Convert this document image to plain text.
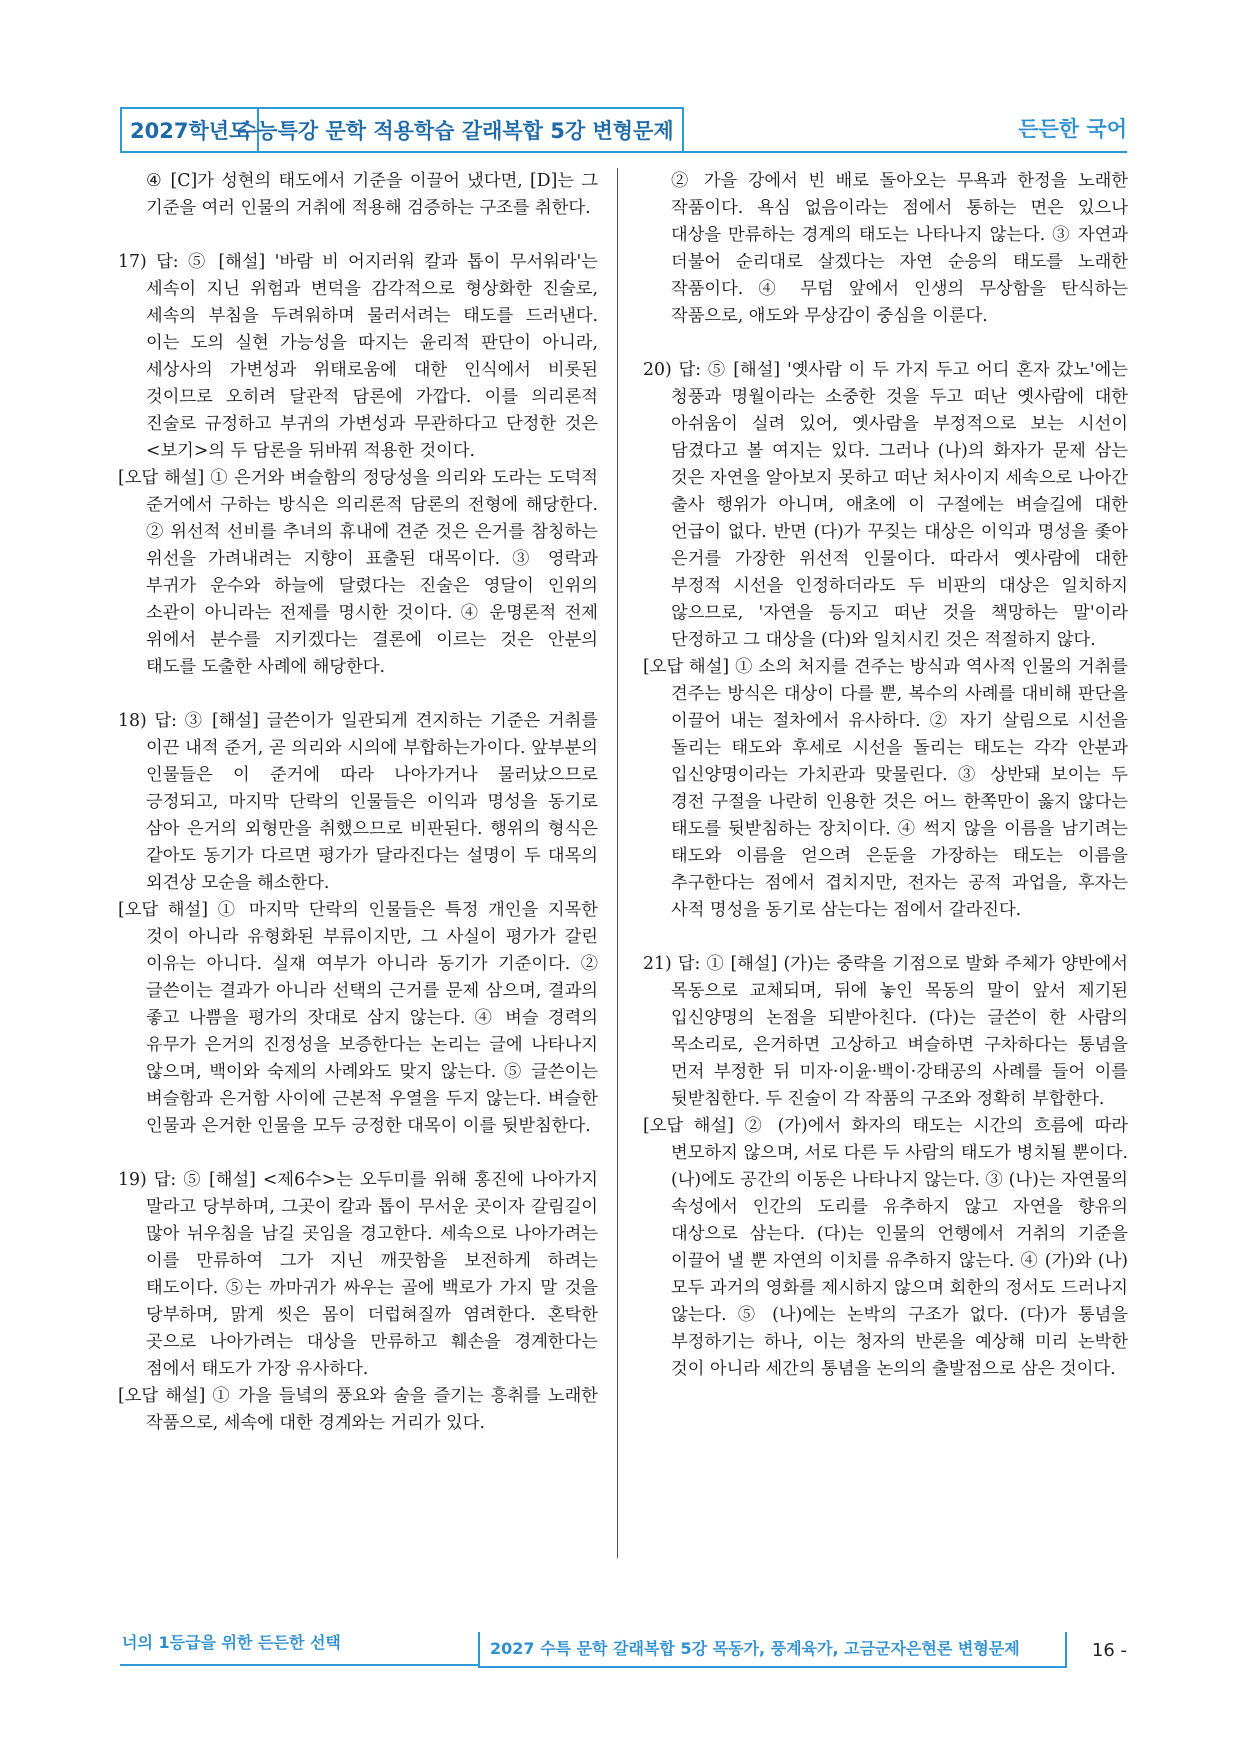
2027학년도
수능특강 문학 적용학습 갈래복합 5강 변형문제	든든한 국어

④ [C]가 성현의 태도에서 기준을 이끌어 냈다면, [D]는 그 기준을 여러 인물의 거취에 적용해 검증하는 구조를 취한다.

17) 답: ⑤ [해설] '바람 비 어지러워 칼과 톱이 무서워라'는 세속이 지닌 위험과 변덕을 감각적으로 형상화한 진술로, 세속의 부침을 두려워하며 물러서려는 태도를 드러낸다. 이는 도의 실현 가능성을 따지는 윤리적 판단이 아니라, 세상사의 가변성과 위태로움에 대한 인식에서 비롯된 것이므로 오히려 달관적 담론에 가깝다. 이를 의리론적 진술로 규정하고 부귀의 가변성과 무관하다고 단정한 것은 <보기>의 두 담론을 뒤바꿔 적용한 것이다.

[오답 해설] ① 은거와 벼슬함의 정당성을 의리와 도라는 도덕적 준거에서 구하는 방식은 의리론적 담론의 전형에 해당한다. ② 위선적 선비를 추녀의 휴내에 견준 것은 은거를 참칭하는 위선을 가려내려는 지향이 표출된 대목이다. ③ 영락과 부귀가 운수와 하늘에 달렸다는 진술은 영달이 인위의 소관이 아니라는 전제를 명시한 것이다. ④ 운명론적 전제 위에서 분수를 지키겠다는 결론에 이르는 것은 안분의 태도를 도출한 사례에 해당한다.

18) 답: ③ [해설] 글쓴이가 일관되게 견지하는 기준은 거취를 이끈 내적 준거, 곧 의리와 시의에 부합하는가이다. 앞부분의 인물들은 이 준거에 따라 나아가거나 물러났으므로 긍정되고, 마지막 단락의 인물들은 이익과 명성을 동기로 삼아 은거의 외형만을 취했으므로 비판된다. 행위의 형식은 같아도 동기가 다르면 평가가 달라진다는 설명이 두 대목의 외견상 모순을 해소한다.

[오답 해설] ① 마지막 단락의 인물들은 특정 개인을 지목한 것이 아니라 유형화된 부류이지만, 그 사실이 평가가 갈린 이유는 아니다. 실재 여부가 아니라 동기가 기준이다. ② 글쓴이는 결과가 아니라 선택의 근거를 문제 삼으며, 결과의 좋고 나쁨을 평가의 잣대로 삼지 않는다. ④ 벼슬 경력의 유무가 은거의 진정성을 보증한다는 논리는 글에 나타나지 않으며, 백이와 숙제의 사례와도 맞지 않는다. ⑤ 글쓴이는 벼슬함과 은거함 사이에 근본적 우열을 두지 않는다. 벼슬한 인물과 은거한 인물을 모두 긍정한 대목이 이를 뒷받침한다.

19) 답: ⑤ [해설] <제6수>는 오두미를 위해 홍진에 나아가지 말라고 당부하며, 그곳이 칼과 톱이 무서운 곳이자 갈림길이 많아 뉘우침을 남길 곳임을 경고한다. 세속으로 나아가려는 이를 만류하여 그가 지닌 깨끗함을 보전하게 하려는 태도이다. ⑤는 까마귀가 싸우는 골에 백로가 가지 말 것을 당부하며, 맑게 씻은 몸이 더럽혀질까 염려한다. 혼탁한 곳으로 나아가려는 대상을 만류하고 훼손을 경계한다는 점에서 태도가 가장 유사하다.

[오답 해설] ① 가을 들녘의 풍요와 술을 즐기는 흥취를 노래한 작품으로, 세속에 대한 경계와는 거리가 있다.

② 가을 강에서 빈 배로 돌아오는 무욕과 한정을 노래한 작품이다. 욕심 없음이라는 점에서 통하는 면은 있으나 대상을 만류하는 경계의 태도는 나타나지 않는다. ③ 자연과 더불어 순리대로 살겠다는 자연 순응의 태도를 노래한 작품이다. ④ 무덤 앞에서 인생의 무상함을 탄식하는 작품으로, 애도와 무상감이 중심을 이룬다.

20) 답: ⑤ [해설] '옛사람 이 두 가지 두고 어디 혼자 갔노'에는 청풍과 명월이라는 소중한 것을 두고 떠난 옛사람에 대한 아쉬움이 실려 있어, 옛사람을 부정적으로 보는 시선이 담겼다고 볼 여지는 있다. 그러나 (나)의 화자가 문제 삼는 것은 자연을 알아보지 못하고 떠난 처사이지 세속으로 나아간 출사 행위가 아니며, 애초에 이 구절에는 벼슬길에 대한 언급이 없다. 반면 (다)가 꾸짖는 대상은 이익과 명성을 좇아 은거를 가장한 위선적 인물이다. 따라서 옛사람에 대한 부정적 시선을 인정하더라도 두 비판의 대상은 일치하지 않으므로, '자연을 등지고 떠난 것을 책망하는 말'이라 단정하고 그 대상을 (다)와 일치시킨 것은 적절하지 않다.

[오답 해설] ① 소의 처지를 견주는 방식과 역사적 인물의 거취를 견주는 방식은 대상이 다를 뿐, 복수의 사례를 대비해 판단을 이끌어 내는 절차에서 유사하다. ② 자기 살림으로 시선을 돌리는 태도와 후세로 시선을 돌리는 태도는 각각 안분과 입신양명이라는 가치관과 맞물린다. ③ 상반돼 보이는 두 경전 구절을 나란히 인용한 것은 어느 한쪽만이 옳지 않다는 태도를 뒷받침하는 장치이다. ④ 썩지 않을 이름을 남기려는 태도와 이름을 얻으려 은둔을 가장하는 태도는 이름을 추구한다는 점에서 겹치지만, 전자는 공적 과업을, 후자는 사적 명성을 동기로 삼는다는 점에서 갈라진다.

21) 답: ① [해설] (가)는 중략을 기점으로 발화 주체가 양반에서 목동으로 교체되며, 뒤에 놓인 목동의 말이 앞서 제기된 입신양명의 논점을 되받아친다. (다)는 글쓴이 한 사람의 목소리로, 은거하면 고상하고 벼슬하면 구차하다는 통념을 먼저 부정한 뒤 미자·이윤·백이·강태공의 사례를 들어 이를 뒷받침한다. 두 진술이 각 작품의 구조와 정확히 부합한다.

[오답 해설] ② (가)에서 화자의 태도는 시간의 흐름에 따라 변모하지 않으며, 서로 다른 두 사람의 태도가 병치될 뿐이다. (나)에도 공간의 이동은 나타나지 않는다. ③ (나)는 자연물의 속성에서 인간의 도리를 유추하지 않고 자연을 향유의 대상으로 삼는다. (다)는 인물의 언행에서 거취의 기준을 이끌어 낼 뿐 자연의 이치를 유추하지 않는다. ④ (가)와 (나) 모두 과거의 영화를 제시하지 않으며 회한의 정서도 드러나지 않는다. ⑤ (나)에는 논박의 구조가 없다. (다)가 통념을 부정하기는 하나, 이는 청자의 반론을 예상해 미리 논박한 것이 아니라 세간의 통념을 논의의 출발점으로 삼은 것이다.

너의 1등급을 위한 든든한 선택	2027 수특 문학 갈래복합 5강 목동가, 풍계육가, 고금군자은현론 변형문제	16 -
